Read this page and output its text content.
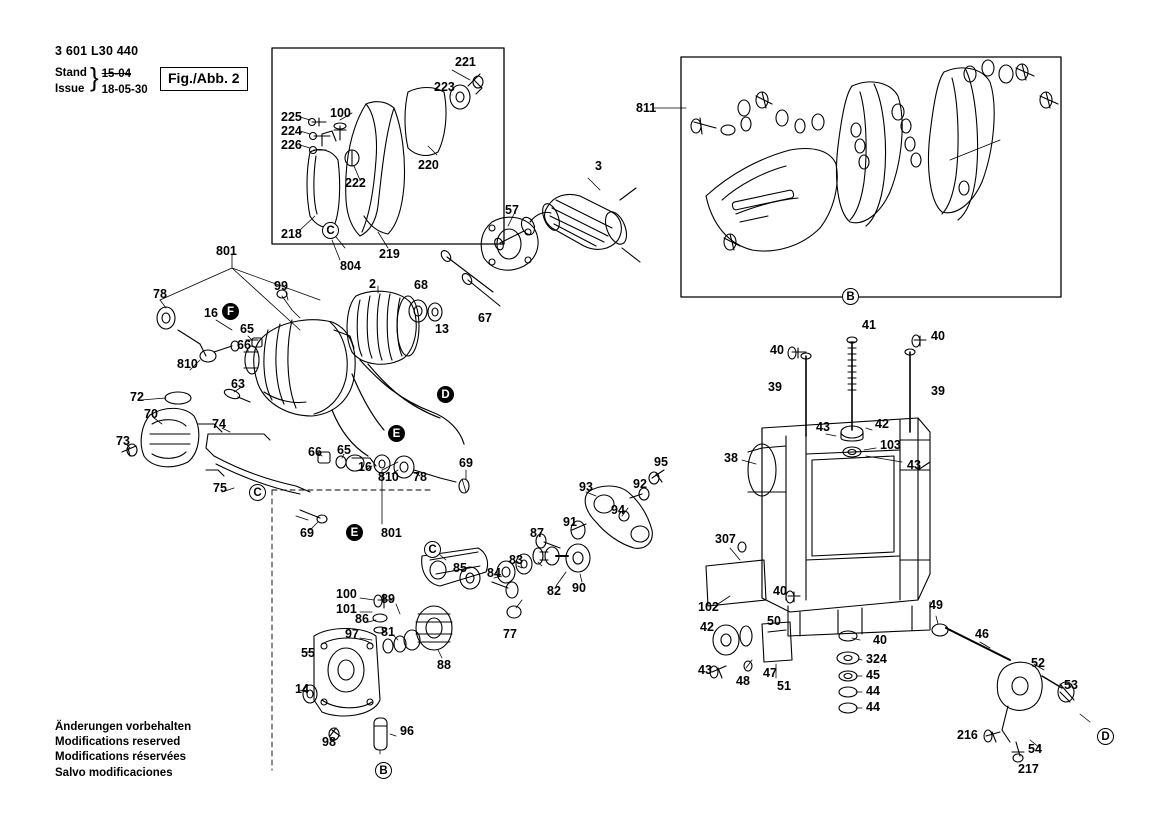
3 601 L30 440
Stand
Issue } 15-04
18-05-30
Fig./Abb. 2
Änderungen vorbehalten
Modifications reserved
Modifications réservées
Salvo modificaciones
221
223
225 100
224
226
220
222
218
219
804
3
57
811
801
78
99	2	68
67
13
16
65
66
810
72
70
73
63
74
66 65
16
810 78
69
75
69	801
95
93	92
94
91
87
83
84
85
82 90
100
101
86
89
81
97
88
77
55
14
98
96
41
40
40
39	39
43	42
103
43
38
307
102
40
49
46
42	50
40
43
48
47
51
324
45
44
44
52
53
216
54
217
C
B
F
D
E
C
E
C
B
D
